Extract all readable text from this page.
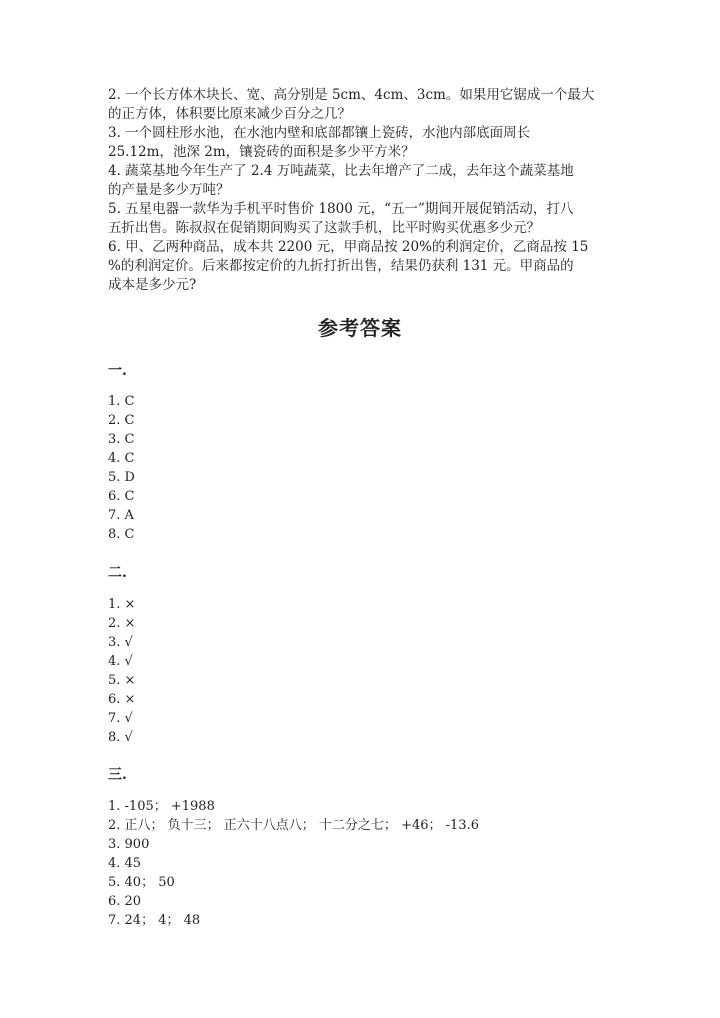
2. 一个长方体木块长、宽、高分别是 5cm、4cm、3cm。如果用它锯成一个最大

的正方体，体积要比原来减少百分之几？

3. 一个圆柱形水池，在水池内壁和底部都镶上瓷砖，水池内部底面周长

25.12m，池深 2m，镶瓷砖的面积是多少平方米？

4. 蔬菜基地今年生产了 2.4 万吨蔬菜，比去年增产了二成，去年这个蔬菜基地

的产量是多少万吨？

5. 五星电器一款华为手机平时售价 1800 元，“五一”期间开展促销活动，打八

五折出售。陈叔叔在促销期间购买了这款手机，比平时购买优惠多少元？

6. 甲、乙两种商品，成本共 2200 元，甲商品按 20%的利润定价，乙商品按 15

%的利润定价。后来都按定价的九折打折出售，结果仍获利 131 元。甲商品的

成本是多少元?

参考答案
一.
1. C
2. C
3. C
4. C
5. D
6. C
7. A
8. C
二.
1. ×
2. ×
3. √
4. √
5. ×
6. ×
7. √
8. √
三.
1. -105； +1988
2. 正八； 负十三； 正六十八点八； 十二分之七； +46； -13.6
3. 900
4. 45
5. 40； 50
6. 20
7. 24； 4； 48
